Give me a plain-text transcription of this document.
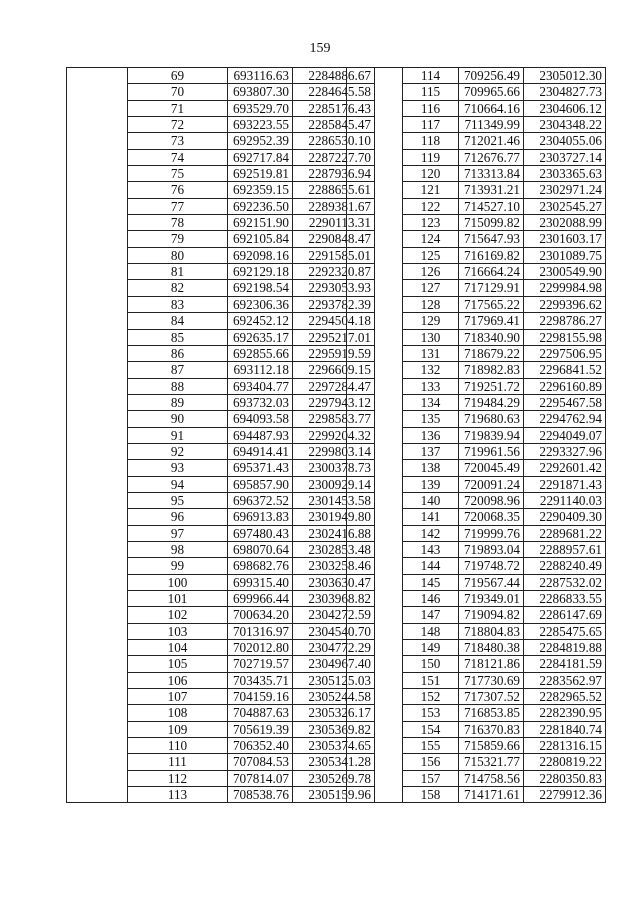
159
	69	693116.63	2284886.67
	70	693807.30	2284645.58
	71	693529.70	2285176.43
	72	693223.55	2285845.47
	73	692952.39	2286530.10
	74	692717.84	2287227.70
	75	692519.81	2287936.94
	76	692359.15	2288655.61
	77	692236.50	2289381.67
	78	692151.90	2290113.31
	79	692105.84	2290848.47
	80	692098.16	2291585.01
	81	692129.18	2292320.87
	82	692198.54	2293053.93
	83	692306.36	2293782.39
	84	692452.12	2294504.18
	85	692635.17	2295217.01
	86	692855.66	2295919.59
	87	693112.18	2296609.15
	88	693404.77	2297284.47
	89	693732.03	2297943.12
	90	694093.58	2298583.77
	91	694487.93	2299204.32
	92	694914.41	2299803.14
	93	695371.43	2300378.73
	94	695857.90	2300929.14
	95	696372.52	2301453.58
	96	696913.83	2301949.80
	97	697480.43	2302416.88
	98	698070.64	2302853.48
	99	698682.76	2303258.46
	100	699315.40	2303630.47
	101	699966.44	2303968.82
	102	700634.20	2304272.59
	103	701316.97	2304540.70
	104	702012.80	2304772.29
	105	702719.57	2304967.40
	106	703435.71	2305125.03
	107	704159.16	2305244.58
	108	704887.63	2305326.17
	109	705619.39	2305369.82
	110	706352.40	2305374.65
	111	707084.53	2305341.28
	112	707814.07	2305269.78
	113	708538.76	2305159.96
	114	709256.49	2305012.30
	115	709965.66	2304827.73
	116	710664.16	2304606.12
	117	711349.99	2304348.22
	118	712021.46	2304055.06
	119	712676.77	2303727.14
	120	713313.84	2303365.63
	121	713931.21	2302971.24
	122	714527.10	2302545.27
	123	715099.82	2302088.99
	124	715647.93	2301603.17
	125	716169.82	2301089.75
	126	716664.24	2300549.90
	127	717129.91	2299984.98
	128	717565.22	2299396.62
	129	717969.41	2298786.27
	130	718340.90	2298155.98
	131	718679.22	2297506.95
	132	718982.83	2296841.52
	133	719251.72	2296160.89
	134	719484.29	2295467.58
	135	719680.63	2294762.94
	136	719839.94	2294049.07
	137	719961.56	2293327.96
	138	720045.49	2292601.42
	139	720091.24	2291871.43
	140	720098.96	2291140.03
	141	720068.35	2290409.30
	142	719999.76	2289681.22
	143	719893.04	2288957.61
	144	719748.72	2288240.49
	145	719567.44	2287532.02
	146	719349.01	2286833.55
	147	719094.82	2286147.69
	148	718804.83	2285475.65
	149	718480.38	2284819.88
	150	718121.86	2284181.59
	151	717730.69	2283562.97
	152	717307.52	2282965.52
	153	716853.85	2282390.95
	154	716370.83	2281840.74
	155	715859.66	2281316.15
	156	715321.77	2280819.22
	157	714758.56	2280350.83
	158	714171.61	2279912.36
